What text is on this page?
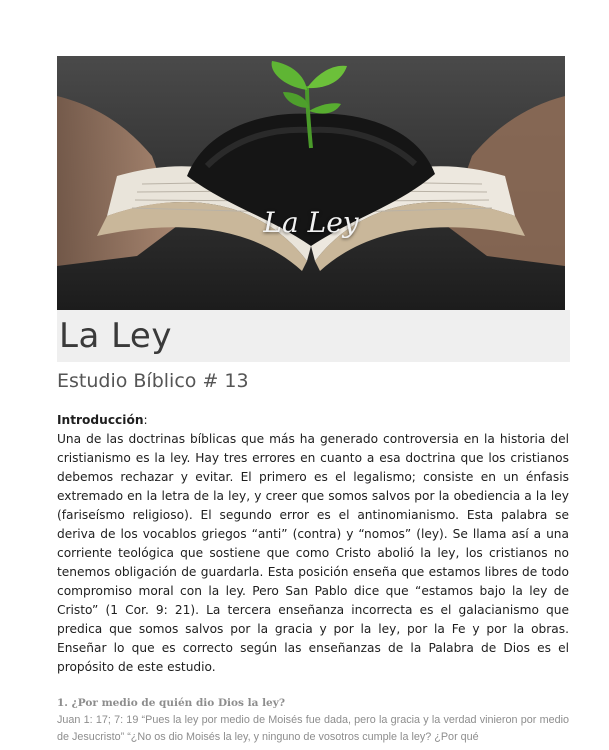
La Ley
La Ley
Estudio Bíblico # 13
Introducción:
Una de las doctrinas bíblicas que más ha generado controversia en la historia del cristianismo es la ley. Hay tres errores en cuanto a esa doctrina que los cristianos debemos rechazar y evitar. El primero es el legalismo; consiste en un énfasis extremado en la letra de la ley, y creer que somos salvos por la obediencia a la ley (fariseísmo religioso). El segundo error es el antinomianismo. Esta palabra se deriva de los vocablos griegos “anti” (contra) y “nomos” (ley). Se llama así a una corriente teológica que sostiene que como Cristo abolió la ley, los cristianos no tenemos obligación de guardarla. Esta posición enseña que estamos libres de todo compromiso moral con la ley. Pero San Pablo dice que “estamos bajo la ley de Cristo” (1 Cor. 9: 21). La tercera enseñanza incorrecta es el galacianismo que predica que somos salvos por la gracia y por la ley, por la Fe y por la obras. Enseñar lo que es correcto según las enseñanzas de la Palabra de Dios es el propósito de este estudio.
1. ¿Por medio de quién dio Dios la ley?
Juan 1: 17; 7: 19 “Pues la ley por medio de Moisés fue dada, pero la gracia y la verdad vinieron por medio de Jesucristo” “¿No os dio Moisés la ley, y ninguno de vosotros cumple la ley? ¿Por qué
